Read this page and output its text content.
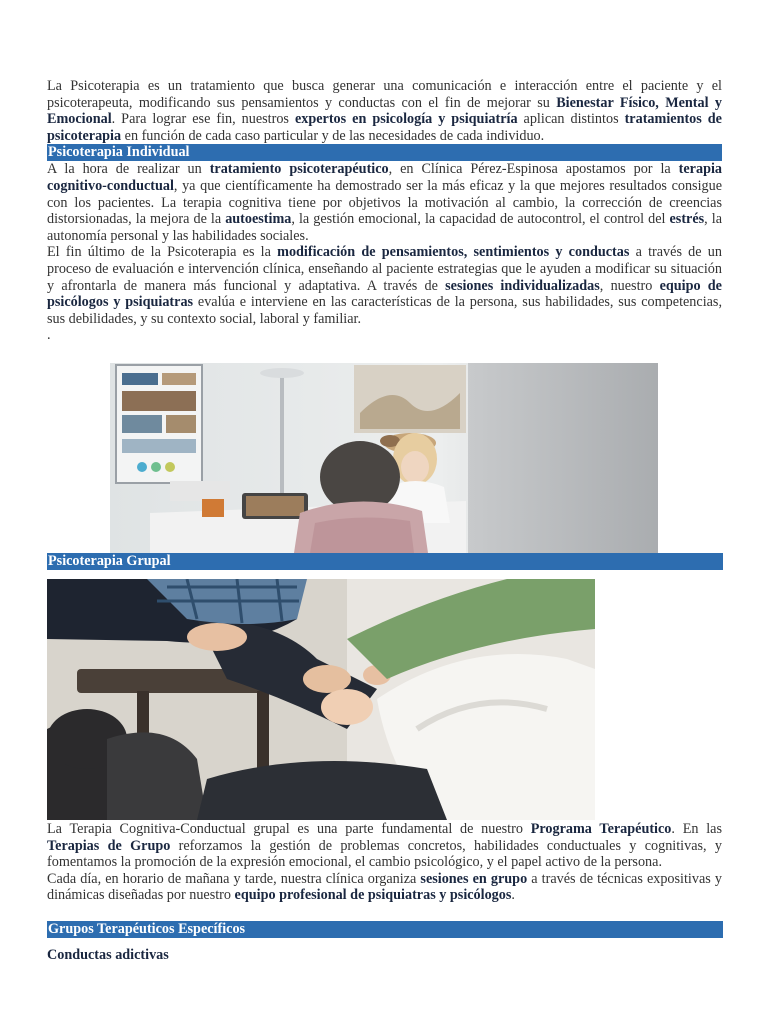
La Psicoterapia es un tratamiento que busca generar una comunicación e interacción entre el paciente y el psicoterapeuta, modificando sus pensamientos y conductas con el fin de mejorar su Bienestar Físico, Mental y Emocional. Para lograr ese fin, nuestros expertos en psicología y psiquiatría aplican distintos tratamientos de psicoterapia en función de cada caso particular y de las necesidades de cada individuo.

Psicoterapia Individual

A la hora de realizar un tratamiento psicoterapéutico, en Clínica Pérez-Espinosa apostamos por la terapia cognitivo-conductual, ya que científicamente ha demostrado ser la más eficaz y la que mejores resultados consigue con los pacientes. La terapia cognitiva tiene por objetivos la motivación al cambio, la corrección de creencias distorsionadas, la mejora de la autoestima, la gestión emocional, la capacidad de autocontrol, el control del estrés, la autonomía personal y las habilidades sociales.

El fin último de la Psicoterapia es la modificación de pensamientos, sentimientos y conductas a través de un proceso de evaluación e intervención clínica, enseñando al paciente estrategias que le ayuden a modificar su situación y afrontarla de manera más funcional y adaptativa. A través de sesiones individualizadas, nuestro equipo de psicólogos y psiquiatras evalúa e interviene en las características de la persona, sus habilidades, sus competencias, sus debilidades, y su contexto social, laboral y familiar.

.

Psicoterapia Grupal

La Terapia Cognitiva-Conductual grupal es una parte fundamental de nuestro Programa Terapéutico. En las Terapias de Grupo reforzamos la gestión de problemas concretos, habilidades conductuales y cognitivas, y fomentamos la promoción de la expresión emocional, el cambio psicológico, y el papel activo de la persona.

Cada día, en horario de mañana y tarde, nuestra clínica organiza sesiones en grupo a través de técnicas expositivas y dinámicas diseñadas por nuestro equipo profesional de psiquiatras y psicólogos.

Grupos Terapéuticos Específicos
Conductas adictivas
